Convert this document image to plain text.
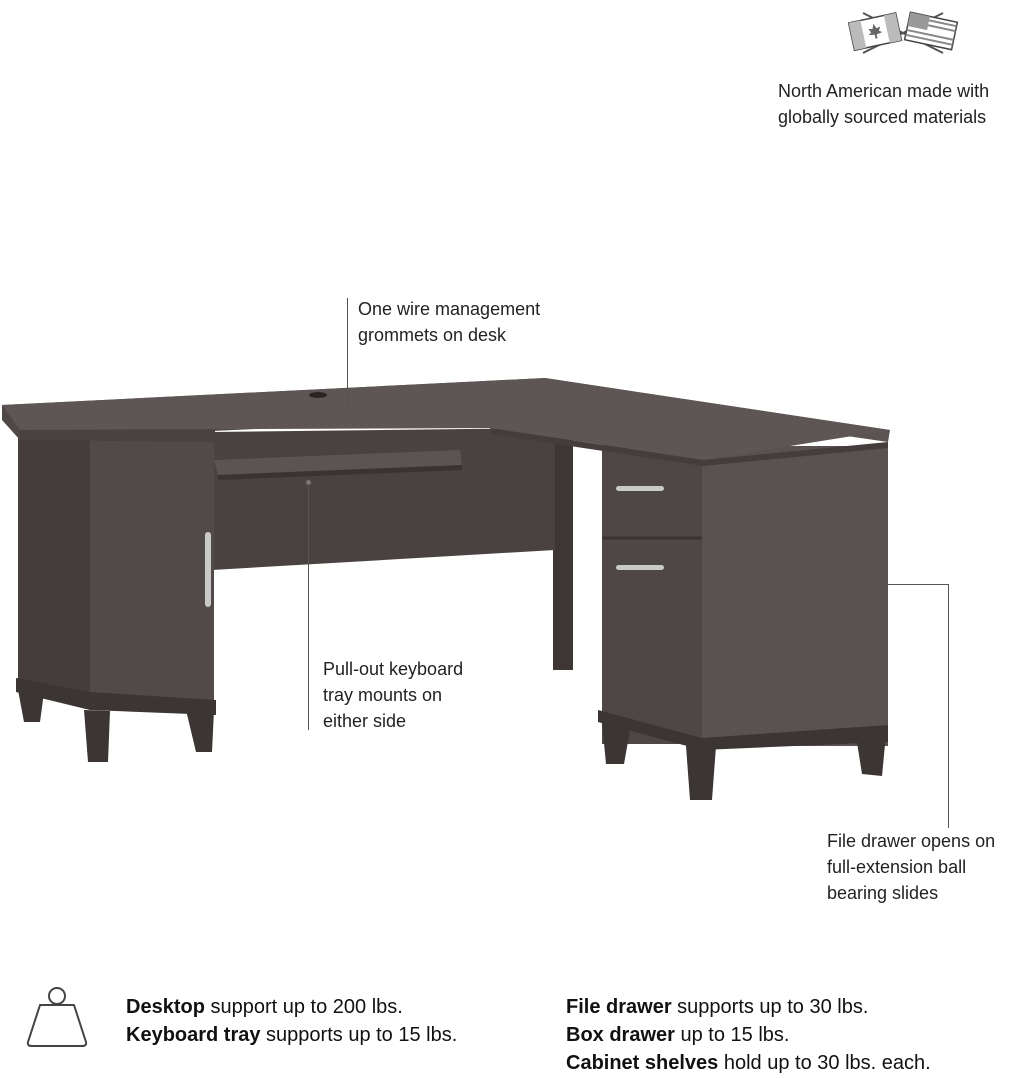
North American made with
globally sourced materials
One wire management
grommets on desk
Pull-out keyboard
tray mounts on
either side
File drawer opens on
full-extension ball
bearing slides
Desktop support up to 200 lbs.
Keyboard tray supports up to 15 lbs.
File drawer supports up to 30 lbs.
Box drawer up to 15 lbs.
Cabinet shelves hold up to 30 lbs. each.
